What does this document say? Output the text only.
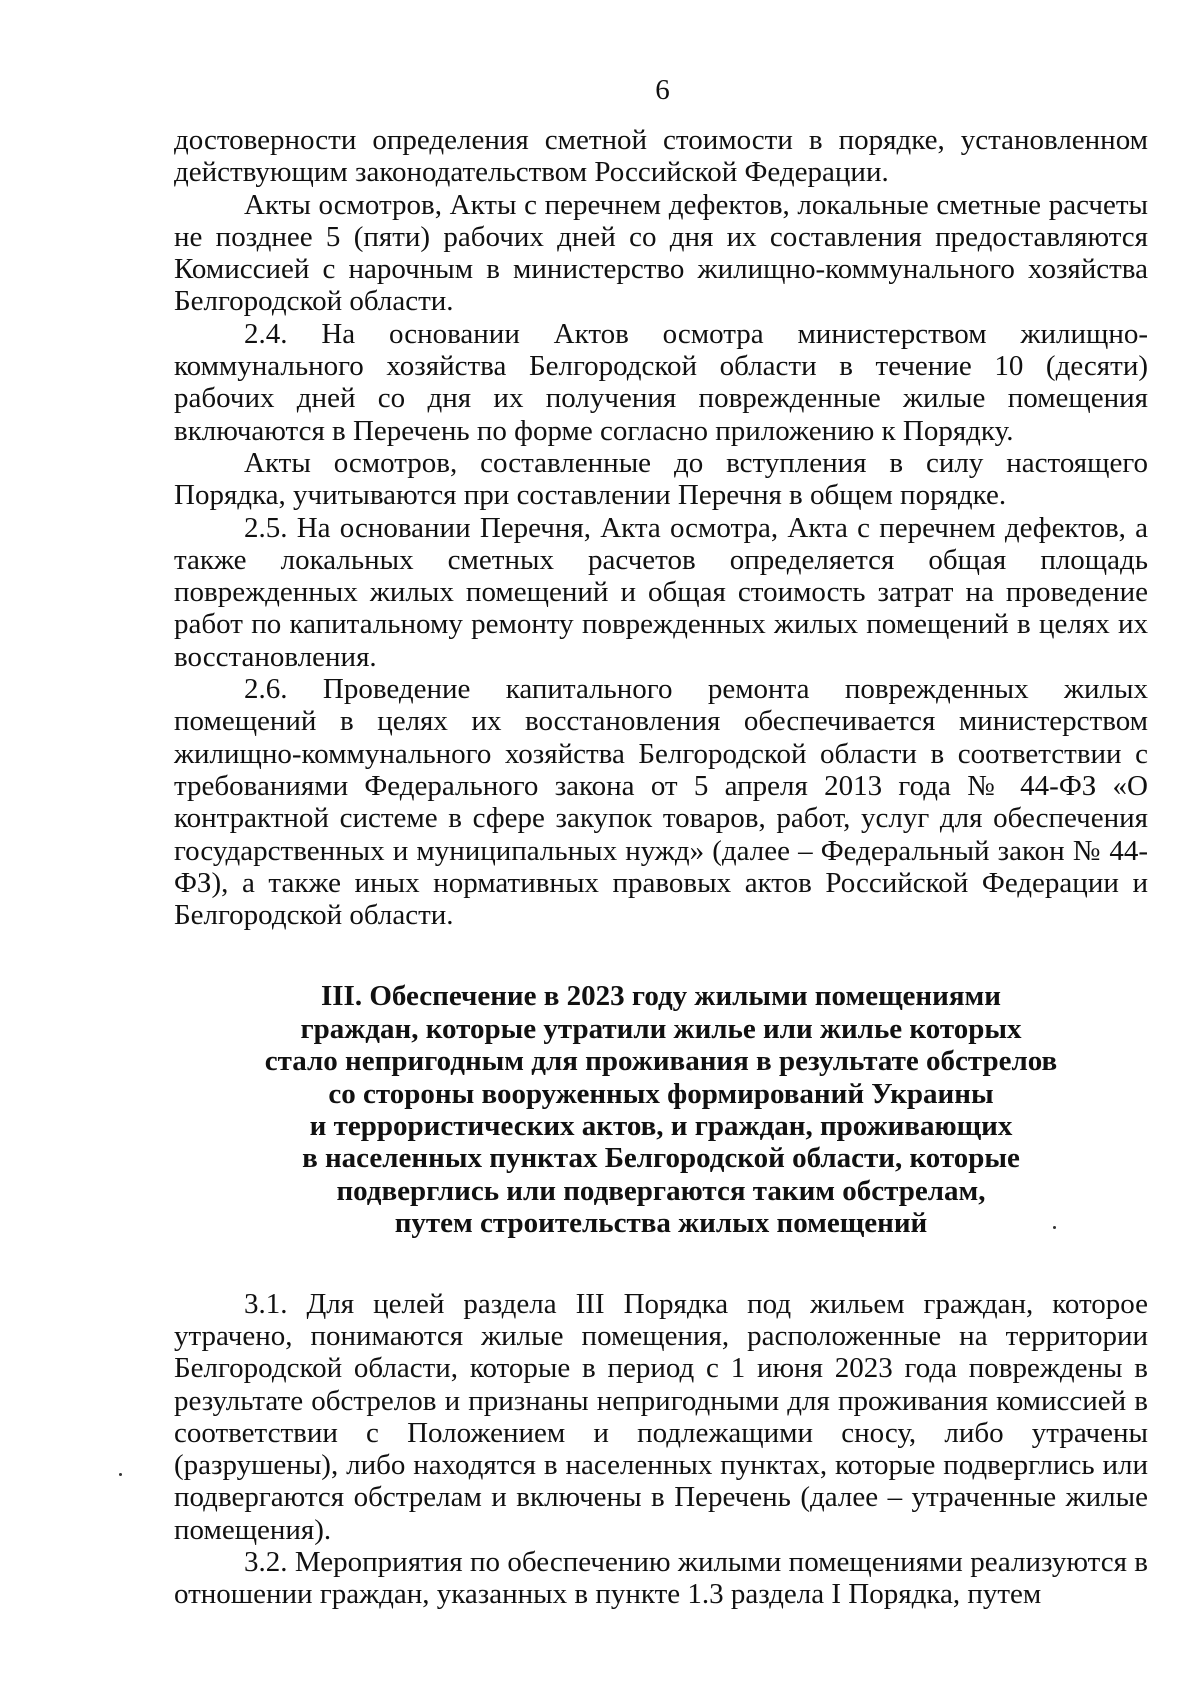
6

достоверности определения сметной стоимости в порядке, установленном действующим законодательством Российской Федерации.

Акты осмотров, Акты с перечнем дефектов, локальные сметные расчеты не позднее 5 (пяти) рабочих дней со дня их составления предоставляются Комиссией с нарочным в министерство жилищно-коммунального хозяйства Белгородской области.

2.4. На основании Актов осмотра министерством жилищно-коммунального хозяйства Белгородской области в течение 10 (десяти) рабочих дней со дня их получения поврежденные жилые помещения включаются в Перечень по форме согласно приложению к Порядку.

Акты осмотров, составленные до вступления в силу настоящего Порядка, учитываются при составлении Перечня в общем порядке.

2.5. На основании Перечня, Акта осмотра, Акта с перечнем дефектов, а также локальных сметных расчетов определяется общая площадь поврежденных жилых помещений и общая стоимость затрат на проведение работ по капитальному ремонту поврежденных жилых помещений в целях их восстановления.

2.6. Проведение капитального ремонта поврежденных жилых помещений в целях их восстановления обеспечивается министерством жилищно-коммунального хозяйства Белгородской области в соответствии с требованиями Федерального закона от 5 апреля 2013 года № 44-ФЗ «О контрактной системе в сфере закупок товаров, работ, услуг для обеспечения государственных и муниципальных нужд» (далее – Федеральный закон № 44-ФЗ), а также иных нормативных правовых актов Российской Федерации и Белгородской области.

III. Обеспечение в 2023 году жилыми помещениями
граждан, которые утратили жилье или жилье которых
стало непригодным для проживания в результате обстрелов
со стороны вооруженных формирований Украины
и террористических актов, и граждан, проживающих
в населенных пунктах Белгородской области, которые
подверглись или подвергаются таким обстрелам,
путем строительства жилых помещений

3.1. Для целей раздела III Порядка под жильем граждан, которое утрачено, понимаются жилые помещения, расположенные на территории Белгородской области, которые в период с 1 июня 2023 года повреждены в результате обстрелов и признаны непригодными для проживания комиссией в соответствии с Положением и подлежащими сносу, либо утрачены (разрушены), либо находятся в населенных пунктах, которые подверглись или подвергаются обстрелам и включены в Перечень (далее – утраченные жилые помещения).

3.2. Мероприятия по обеспечению жилыми помещениями реализуются в отношении граждан, указанных в пункте 1.3 раздела I Порядка, путем
